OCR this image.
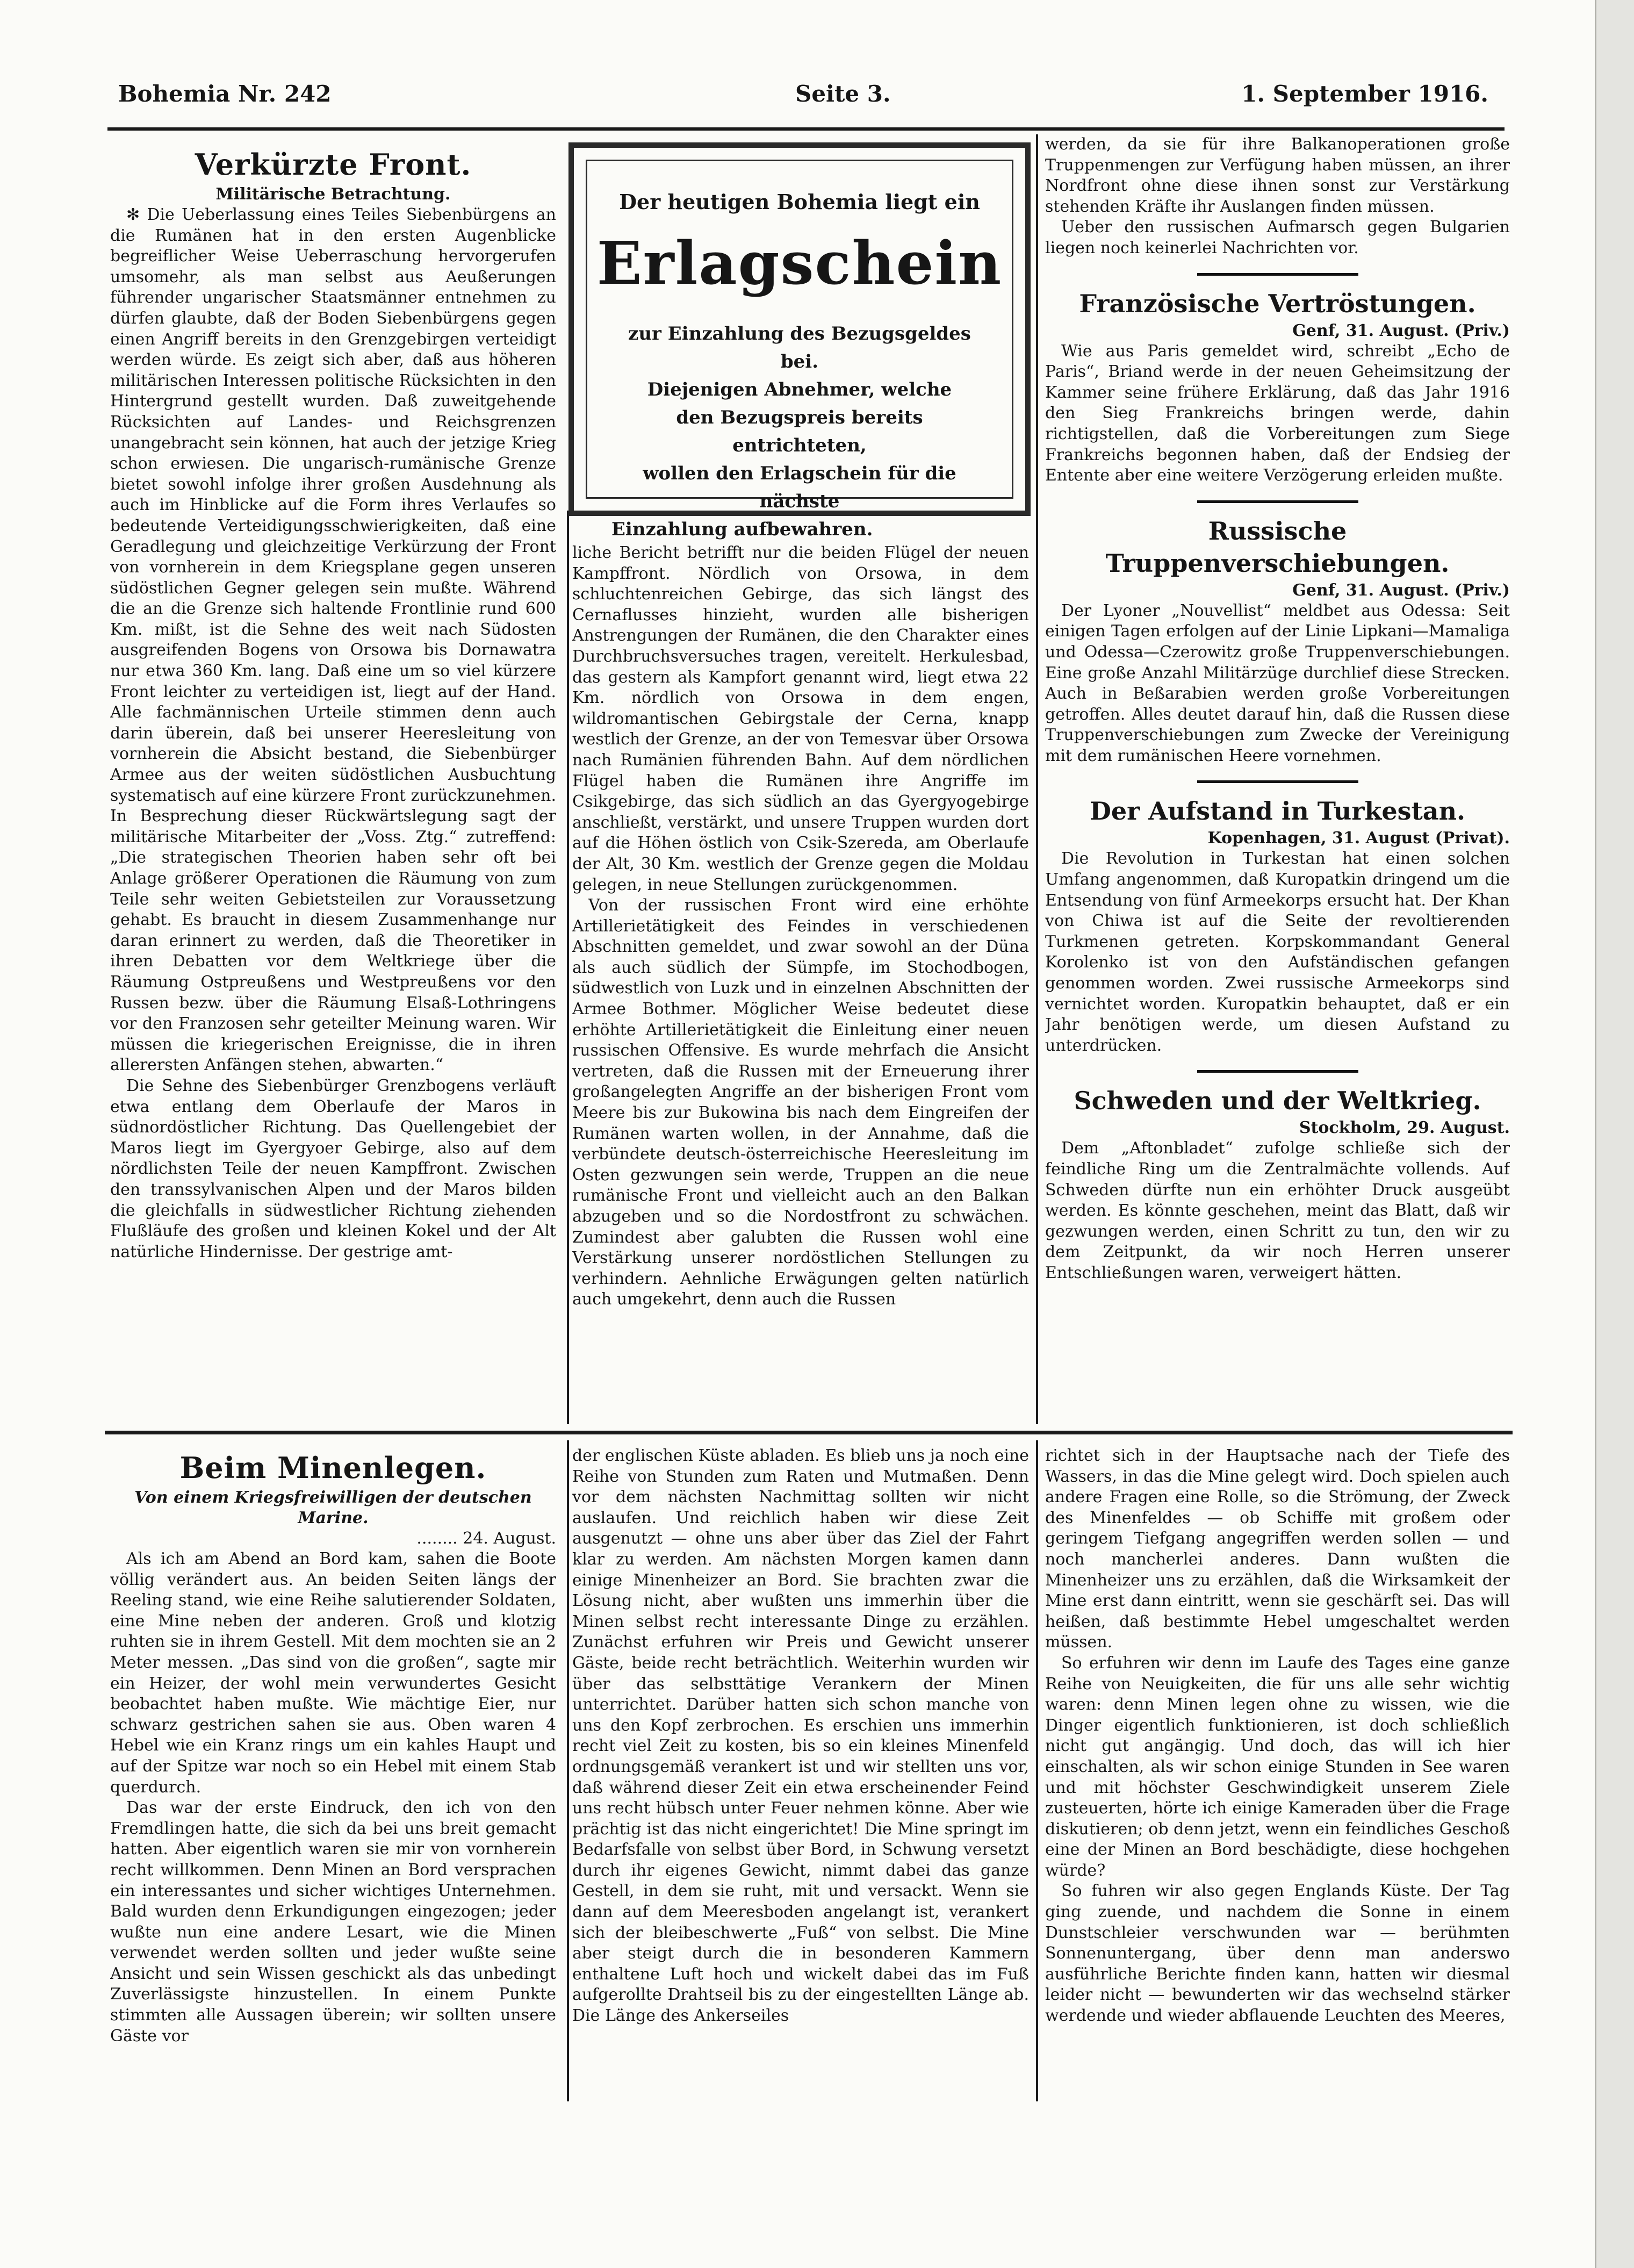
Bohemia Nr. 242	Seite 3.	1. September 1916.
Der heutigen Bohemia liegt ein
Erlagschein
zur Einzahlung des Bezugsgeldes bei.
Diejenigen Abnehmer, welche
den Bezugspreis bereits entrichteten,
wollen den Erlagschein für die nächste
Einzahlung aufbewahren.
Verkürzte Front.
Militärische Betrachtung.

✻ Die Ueberlassung eines Teiles Siebenbürgens an die Rumänen hat in den ersten Augenblicke begreiflicher Weise Ueberraschung hervorgerufen umsomehr, als man selbst aus Aeußerungen führender ungarischer Staatsmänner entnehmen zu dürfen glaubte, daß der Boden Siebenbürgens gegen einen Angriff bereits in den Grenzgebirgen verteidigt werden würde. Es zeigt sich aber, daß aus höheren militärischen Interessen politische Rücksichten in den Hintergrund gestellt wurden. Daß zuweitgehende Rücksichten auf Landes- und Reichsgrenzen unangebracht sein können, hat auch der jetzige Krieg schon erwiesen. Die ungarisch-rumänische Grenze bietet sowohl infolge ihrer großen Ausdehnung als auch im Hinblicke auf die Form ihres Verlaufes so bedeutende Verteidigungsschwierigkeiten, daß eine Geradlegung und gleichzeitige Verkürzung der Front von vornherein in dem Kriegsplane gegen unseren südöstlichen Gegner gelegen sein mußte. Während die an die Grenze sich haltende Frontlinie rund 600 Km. mißt, ist die Sehne des weit nach Südosten ausgreifenden Bogens von Orsowa bis Dornawatra nur etwa 360 Km. lang. Daß eine um so viel kürzere Front leichter zu verteidigen ist, liegt auf der Hand. Alle fachmännischen Urteile stimmen denn auch darin überein, daß bei unserer Heeresleitung von vornherein die Absicht bestand, die Siebenbürger Armee aus der weiten südöstlichen Ausbuchtung systematisch auf eine kürzere Front zurückzunehmen. In Besprechung dieser Rückwärtslegung sagt der militärische Mitarbeiter der „Voss. Ztg.“ zutreffend: „Die strategischen Theorien haben sehr oft bei Anlage größerer Operationen die Räumung von zum Teile sehr weiten Gebietsteilen zur Voraussetzung gehabt. Es braucht in diesem Zusammenhange nur daran erinnert zu werden, daß die Theoretiker in ihren Debatten vor dem Weltkriege über die Räumung Ostpreußens und Westpreußens vor den Russen bezw. über die Räumung Elsaß-Lothringens vor den Franzosen sehr geteilter Meinung waren. Wir müssen die kriegerischen Ereignisse, die in ihren allerersten Anfängen stehen, abwarten.“

Die Sehne des Siebenbürger Grenzbogens verläuft etwa entlang dem Oberlaufe der Maros in südnordöstlicher Richtung. Das Quellengebiet der Maros liegt im Gyergyoer Gebirge, also auf dem nördlichsten Teile der neuen Kampffront. Zwischen den transsylvanischen Alpen und der Maros bilden die gleichfalls in südwestlicher Richtung ziehenden Flußläufe des großen und kleinen Kokel und der Alt natürliche Hindernisse. Der gestrige amt-

liche Bericht betrifft nur die beiden Flügel der neuen Kampffront. Nördlich von Orsowa, in dem schluchtenreichen Gebirge, das sich längst des Cernaflusses hinzieht, wurden alle bisherigen Anstrengungen der Rumänen, die den Charakter eines Durchbruchsversuches tragen, vereitelt. Herkulesbad, das gestern als Kampfort genannt wird, liegt etwa 22 Km. nördlich von Orsowa in dem engen, wildromantischen Gebirgstale der Cerna, knapp westlich der Grenze, an der von Temesvar über Orsowa nach Rumänien führenden Bahn. Auf dem nördlichen Flügel haben die Rumänen ihre Angriffe im Csikgebirge, das sich südlich an das Gyergyogebirge anschließt, verstärkt, und unsere Truppen wurden dort auf die Höhen östlich von Csik-Szereda, am Oberlaufe der Alt, 30 Km. westlich der Grenze gegen die Moldau gelegen, in neue Stellungen zurückgenommen.

Von der russischen Front wird eine erhöhte Artillerietätigkeit des Feindes in verschiedenen Abschnitten gemeldet, und zwar sowohl an der Düna als auch südlich der Sümpfe, im Stochodbogen, südwestlich von Luzk und in einzelnen Abschnitten der Armee Bothmer. Möglicher Weise bedeutet diese erhöhte Artillerietätigkeit die Einleitung einer neuen russischen Offensive. Es wurde mehrfach die Ansicht vertreten, daß die Russen mit der Erneuerung ihrer großangelegten Angriffe an der bisherigen Front vom Meere bis zur Bukowina bis nach dem Eingreifen der Rumänen warten wollen, in der Annahme, daß die verbündete deutsch-österreichische Heeresleitung im Osten gezwungen sein werde, Truppen an die neue rumänische Front und vielleicht auch an den Balkan abzugeben und so die Nordostfront zu schwächen. Zumindest aber galubten die Russen wohl eine Verstärkung unserer nordöstlichen Stellungen zu verhindern. Aehnliche Erwägungen gelten natürlich auch umgekehrt, denn auch die Russen

werden, da sie für ihre Balkanoperationen große Truppenmengen zur Verfügung haben müssen, an ihrer Nordfront ohne diese ihnen sonst zur Verstärkung stehenden Kräfte ihr Auslangen finden müssen.

Ueber den russischen Aufmarsch gegen Bulgarien liegen noch keinerlei Nachrichten vor.

Französische Vertröstungen.
Genf, 31. August. (Priv.)

Wie aus Paris gemeldet wird, schreibt „Echo de Paris“, Briand werde in der neuen Geheimsitzung der Kammer seine frühere Erklärung, daß das Jahr 1916 den Sieg Frankreichs bringen werde, dahin richtigstellen, daß die Vorbereitungen zum Siege Frankreichs begonnen haben, daß der Endsieg der Entente aber eine weitere Verzögerung erleiden mußte.

Russische Truppenverschiebungen.
Genf, 31. August. (Priv.)

Der Lyoner „Nouvellist“ meldbet aus Odessa: Seit einigen Tagen erfolgen auf der Linie Lipkani—Mamaliga und Odessa—Czerowitz große Truppenverschiebungen. Eine große Anzahl Militärzüge durchlief diese Strecken. Auch in Beßarabien werden große Vorbereitungen getroffen. Alles deutet darauf hin, daß die Russen diese Truppenverschiebungen zum Zwecke der Vereinigung mit dem rumänischen Heere vornehmen.

Der Aufstand in Turkestan.
Kopenhagen, 31. August (Privat).

Die Revolution in Turkestan hat einen solchen Umfang angenommen, daß Kuropatkin dringend um die Entsendung von fünf Armeekorps ersucht hat. Der Khan von Chiwa ist auf die Seite der revoltierenden Turkmenen getreten. Korpskommandant General Korolenko ist von den Aufständischen gefangen genommen worden. Zwei russische Armeekorps sind vernichtet worden. Kuropatkin behauptet, daß er ein Jahr benötigen werde, um diesen Aufstand zu unterdrücken.

Schweden und der Weltkrieg.
Stockholm, 29. August.

Dem „Aftonbladet“ zufolge schließe sich der feindliche Ring um die Zentralmächte vollends. Auf Schweden dürfte nun ein erhöhter Druck ausgeübt werden. Es könnte geschehen, meint das Blatt, daß wir gezwungen werden, einen Schritt zu tun, den wir zu dem Zeitpunkt, da wir noch Herren unserer Entschließungen waren, verweigert hätten.

Beim Minenlegen.
Von einem Kriegsfreiwilligen der deutschen Marine.
........ 24. August.

Als ich am Abend an Bord kam, sahen die Boote völlig verändert aus. An beiden Seiten längs der Reeling stand, wie eine Reihe salutierender Soldaten, eine Mine neben der anderen. Groß und klotzig ruhten sie in ihrem Gestell. Mit dem mochten sie an 2 Meter messen. „Das sind von die großen“, sagte mir ein Heizer, der wohl mein verwundertes Gesicht beobachtet haben mußte. Wie mächtige Eier, nur schwarz gestrichen sahen sie aus. Oben waren 4 Hebel wie ein Kranz rings um ein kahles Haupt und auf der Spitze war noch so ein Hebel mit einem Stab querdurch.

Das war der erste Eindruck, den ich von den Fremdlingen hatte, die sich da bei uns breit gemacht hatten. Aber eigentlich waren sie mir von vornherein recht willkommen. Denn Minen an Bord versprachen ein interessantes und sicher wichtiges Unternehmen. Bald wurden denn Erkundigungen eingezogen; jeder wußte nun eine andere Lesart, wie die Minen verwendet werden sollten und jeder wußte seine Ansicht und sein Wissen geschickt als das unbedingt Zuverlässigste hinzustellen. In einem Punkte stimmten alle Aussagen überein; wir sollten unsere Gäste vor

der englischen Küste abladen. Es blieb uns ja noch eine Reihe von Stunden zum Raten und Mutmaßen. Denn vor dem nächsten Nachmittag sollten wir nicht auslaufen. Und reichlich haben wir diese Zeit ausgenutzt — ohne uns aber über das Ziel der Fahrt klar zu werden. Am nächsten Morgen kamen dann einige Minenheizer an Bord. Sie brachten zwar die Lösung nicht, aber wußten uns immerhin über die Minen selbst recht interessante Dinge zu erzählen. Zunächst erfuhren wir Preis und Gewicht unserer Gäste, beide recht beträchtlich. Weiterhin wurden wir über das selbsttätige Verankern der Minen unterrichtet. Darüber hatten sich schon manche von uns den Kopf zerbrochen. Es erschien uns immerhin recht viel Zeit zu kosten, bis so ein kleines Minenfeld ordnungsgemäß verankert ist und wir stellten uns vor, daß während dieser Zeit ein etwa erscheinender Feind uns recht hübsch unter Feuer nehmen könne. Aber wie prächtig ist das nicht eingerichtet! Die Mine springt im Bedarfsfalle von selbst über Bord, in Schwung versetzt durch ihr eigenes Gewicht, nimmt dabei das ganze Gestell, in dem sie ruht, mit und versackt. Wenn sie dann auf dem Meeresboden angelangt ist, verankert sich der bleibeschwerte „Fuß“ von selbst. Die Mine aber steigt durch die in besonderen Kammern enthaltene Luft hoch und wickelt dabei das im Fuß aufgerollte Drahtseil bis zu der eingestellten Länge ab. Die Länge des Ankerseiles

richtet sich in der Hauptsache nach der Tiefe des Wassers, in das die Mine gelegt wird. Doch spielen auch andere Fragen eine Rolle, so die Strömung, der Zweck des Minenfeldes — ob Schiffe mit großem oder geringem Tiefgang angegriffen werden sollen — und noch mancherlei anderes. Dann wußten die Minenheizer uns zu erzählen, daß die Wirksamkeit der Mine erst dann eintritt, wenn sie geschärft sei. Das will heißen, daß bestimmte Hebel umgeschaltet werden müssen.

So erfuhren wir denn im Laufe des Tages eine ganze Reihe von Neuigkeiten, die für uns alle sehr wichtig waren: denn Minen legen ohne zu wissen, wie die Dinger eigentlich funktionieren, ist doch schließlich nicht gut angängig. Und doch, das will ich hier einschalten, als wir schon einige Stunden in See waren und mit höchster Geschwindigkeit unserem Ziele zusteuerten, hörte ich einige Kameraden über die Frage diskutieren; ob denn jetzt, wenn ein feindliches Geschoß eine der Minen an Bord beschädigte, diese hochgehen würde?

So fuhren wir also gegen Englands Küste. Der Tag ging zuende, und nachdem die Sonne in einem Dunstschleier verschwunden war — berühmten Sonnenuntergang, über denn man anderswo ausführliche Berichte finden kann, hatten wir diesmal leider nicht — bewunderten wir das wechselnd stärker werdende und wieder abflauende Leuchten des Meeres,
